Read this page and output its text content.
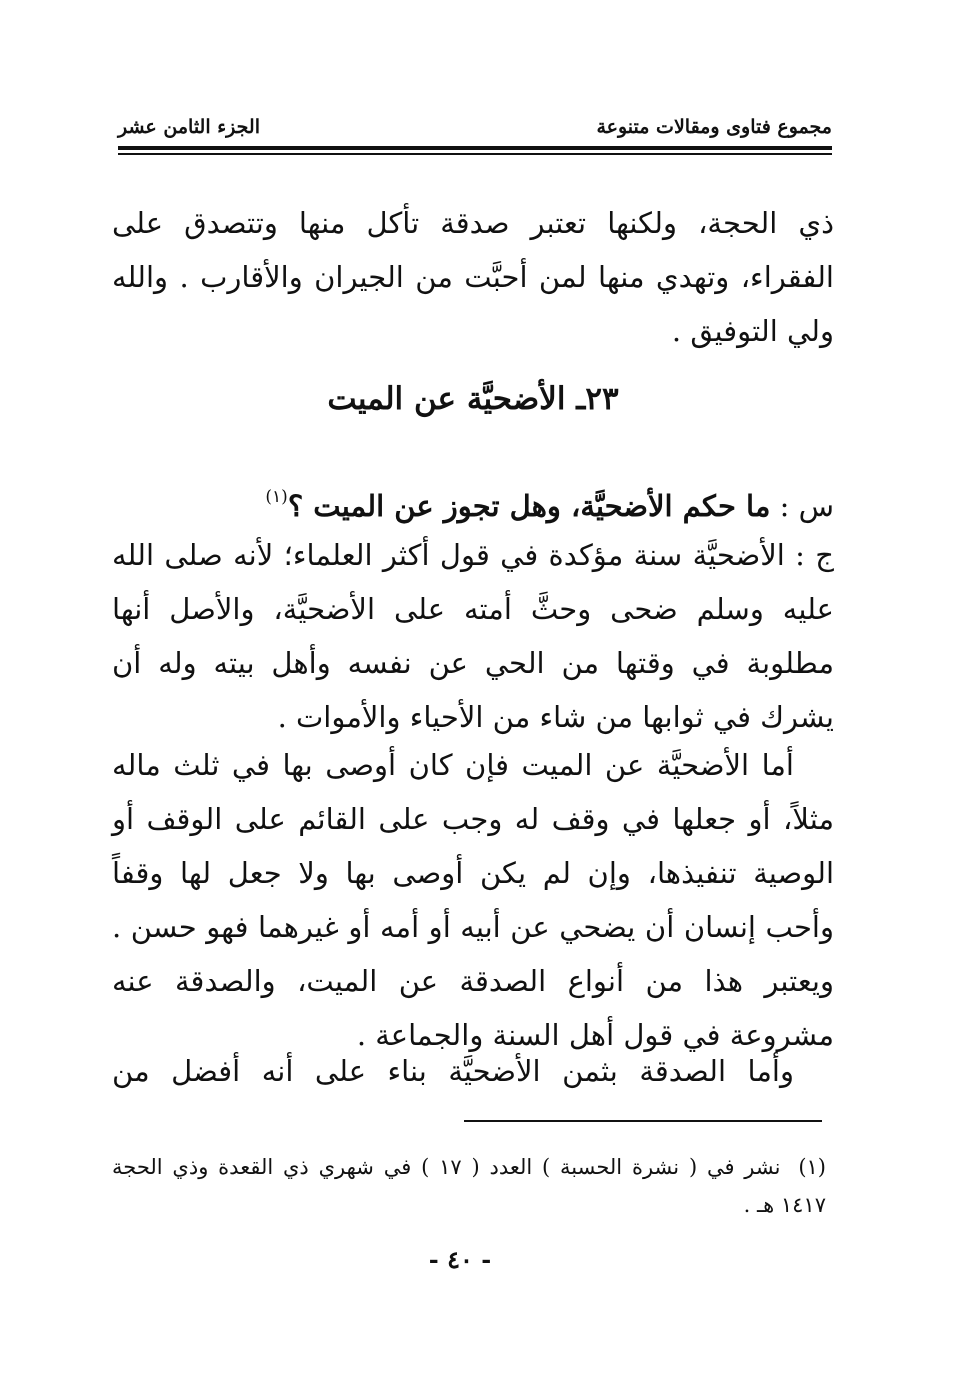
مجموع فتاوى ومقالات متنوعة
الجزء الثامن عشر

ذي الحجة، ولكنها تعتبر صدقة تأكل منها وتتصدق على الفقراء، وتهدي منها لمن أحبَّت من الجيران والأقارب . والله ولي التوفيق .

٢٣ـ الأضحيَّة عن الميت

س : ما حكم الأضحيَّة، وهل تجوز عن الميت ؟$^{(١)}$

ج : الأضحيَّة سنة مؤكدة في قول أكثر العلماء؛ لأنه صلى الله عليه وسلم ضحى وحثَّ أمته على الأضحيَّة، والأصل أنها مطلوبة في وقتها من الحي عن نفسه وأهل بيته وله أن يشرك في ثوابها من شاء من الأحياء والأموات .

أما الأضحيَّة عن الميت فإن كان أوصى بها في ثلث ماله مثلاً، أو جعلها في وقف له وجب على القائم على الوقف أو الوصية تنفيذها، وإن لم يكن أوصى بها ولا جعل لها وقفاً وأحب إنسان أن يضحي عن أبيه أو أمه أو غيرهما فهو حسن . ويعتبر هذا من أنواع الصدقة عن الميت، والصدقة عنه مشروعة في قول أهل السنة والجماعة .

وأما الصدقة بثمن الأضحيَّة بناء على أنه أفضل من

(١) نشر في ( نشرة الحسبة ) العدد ( ١٧ ) في شهري ذي القعدة وذي الحجة ١٤١٧ هـ .

- ٤٠ -
